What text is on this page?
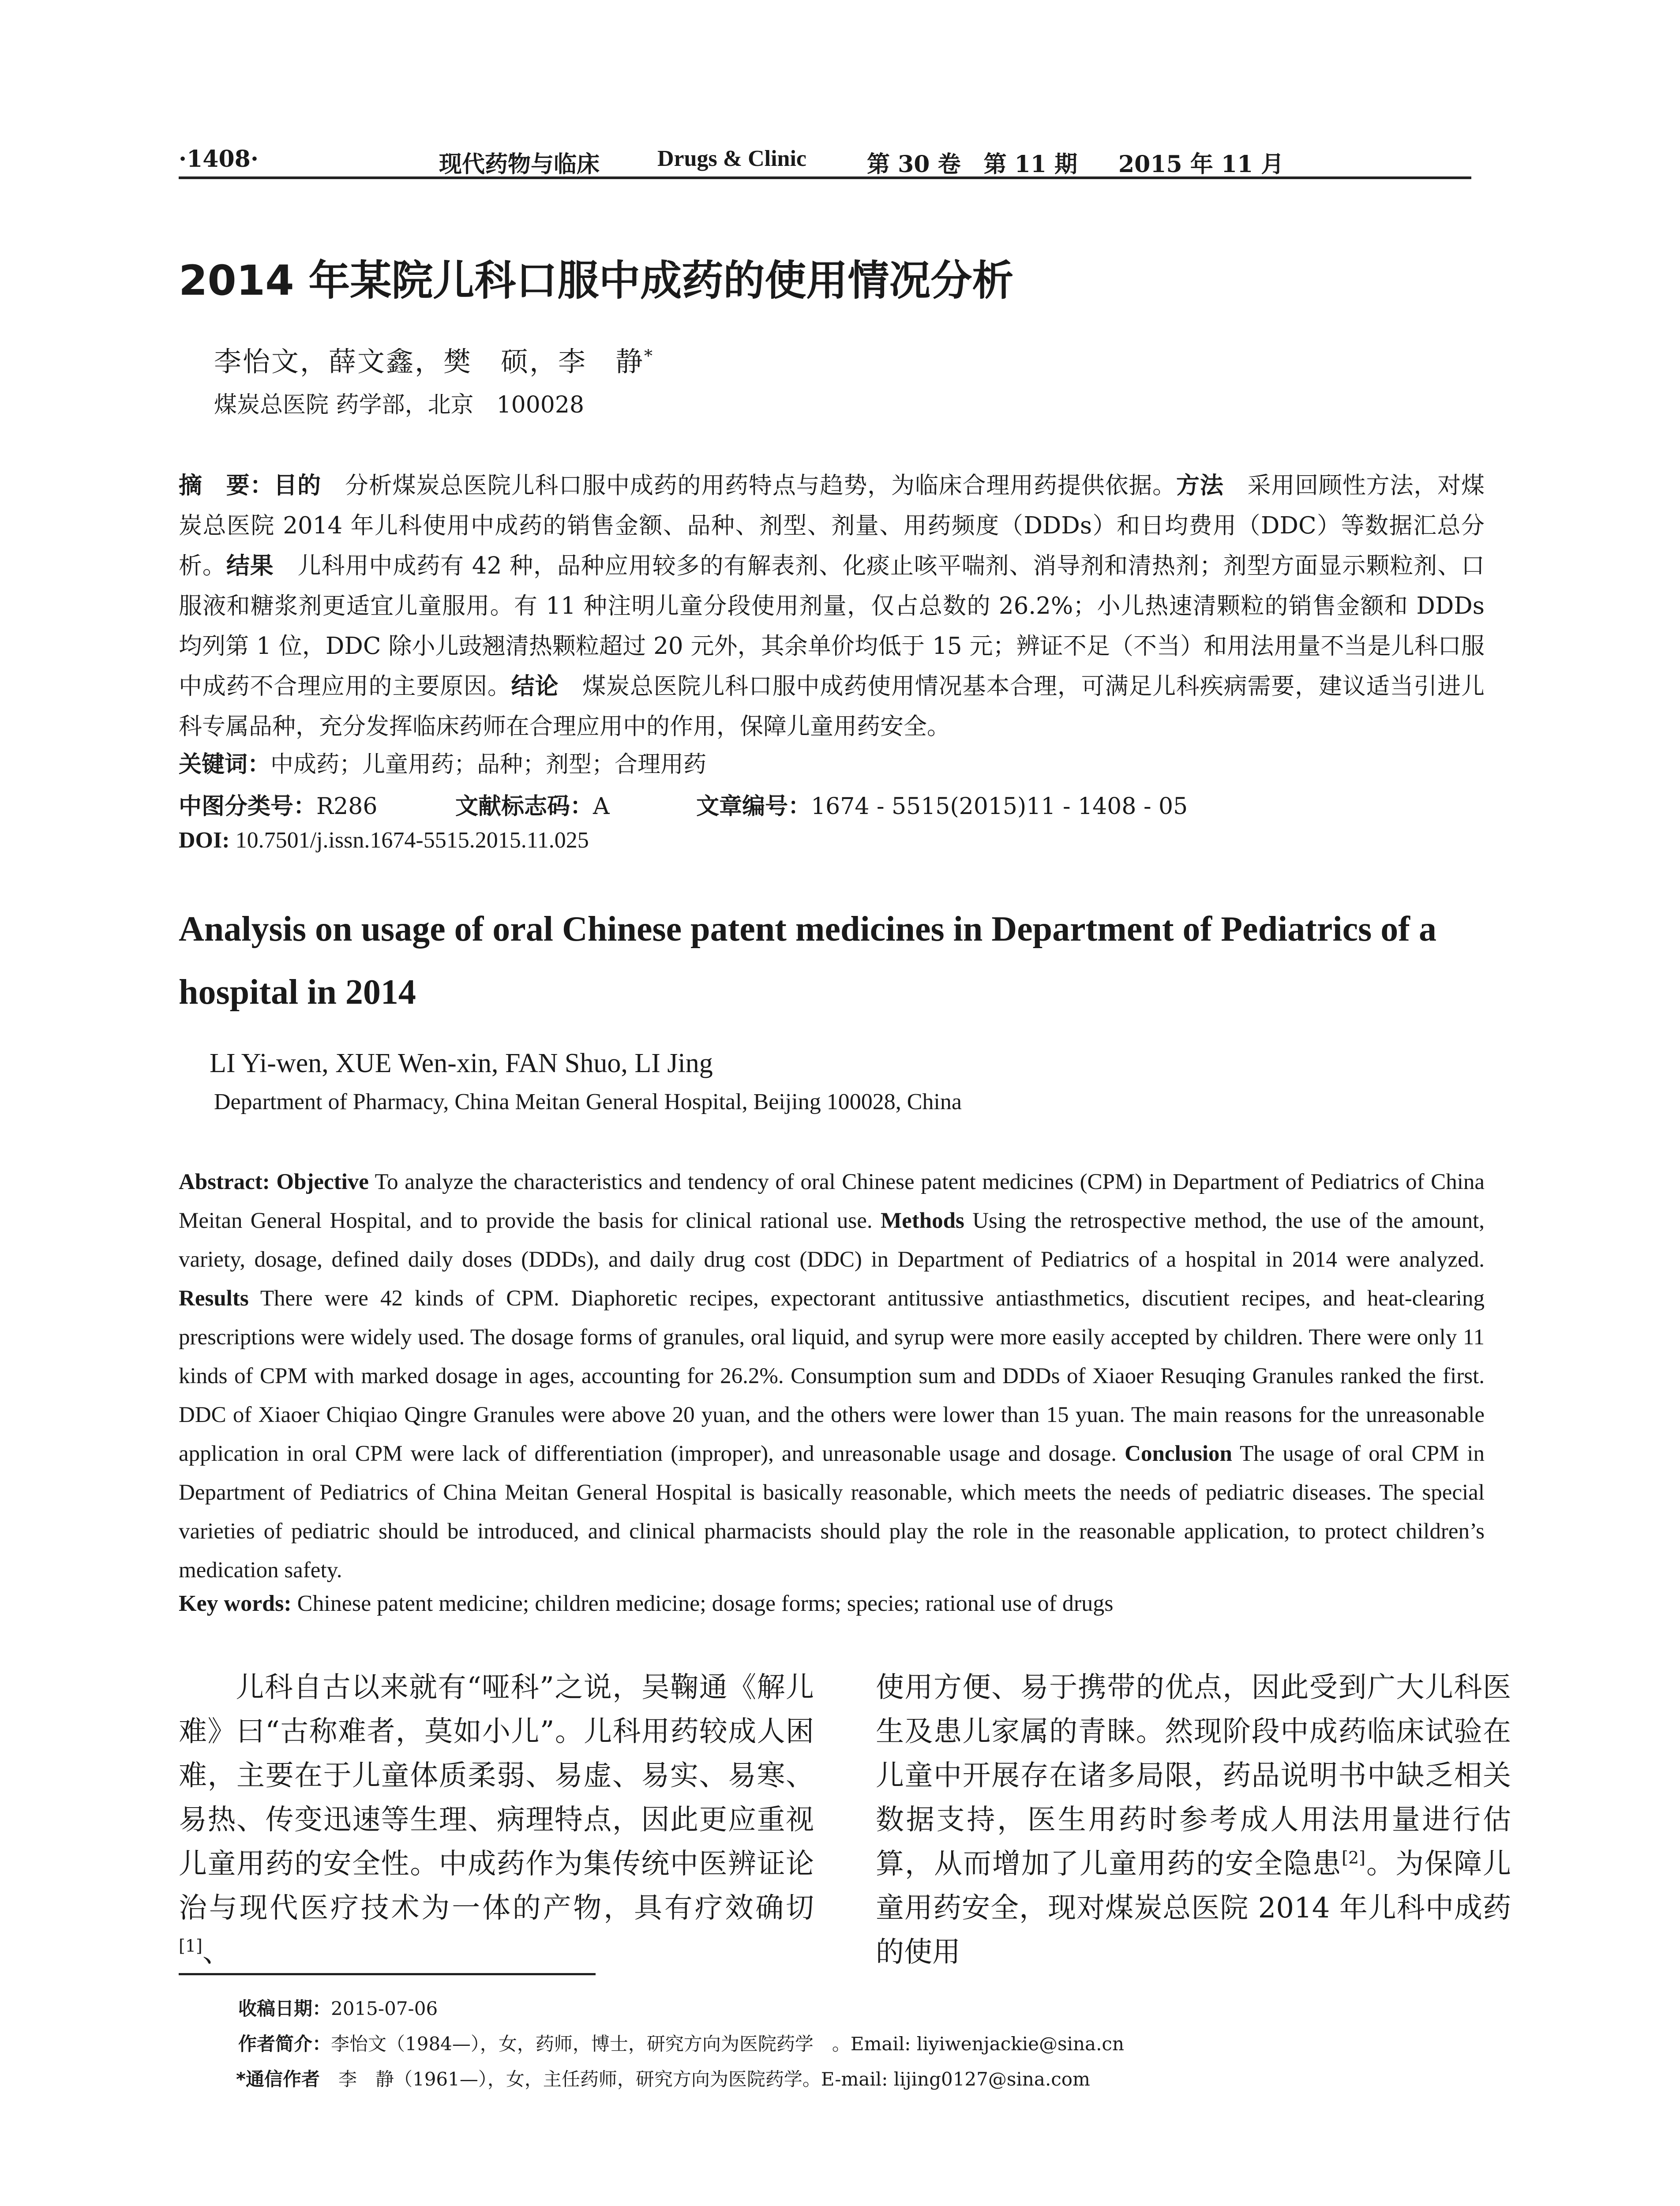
·1408·	现代药物与临床	Drugs & Clinic	第 30 卷　第 11 期 2015 年 11 月
2014 年某院儿科口服中成药的使用情况分析
李怡文，薛文鑫，樊　硕，李　静*
煤炭总医院 药学部，北京　100028
摘　要：目的　分析煤炭总医院儿科口服中成药的用药特点与趋势，为临床合理用药提供依据。方法　采用回顾性方法，对煤炭总医院 2014 年儿科使用中成药的销售金额、品种、剂型、剂量、用药频度（DDDs）和日均费用（DDC）等数据汇总分析。结果　儿科用中成药有 42 种，品种应用较多的有解表剂、化痰止咳平喘剂、消导剂和清热剂；剂型方面显示颗粒剂、口服液和糖浆剂更适宜儿童服用。有 11 种注明儿童分段使用剂量，仅占总数的 26.2%；小儿热速清颗粒的销售金额和 DDDs 均列第 1 位，DDC 除小儿豉翘清热颗粒超过 20 元外，其余单价均低于 15 元；辨证不足（不当）和用法用量不当是儿科口服中成药不合理应用的主要原因。结论　煤炭总医院儿科口服中成药使用情况基本合理，可满足儿科疾病需要，建议适当引进儿科专属品种，充分发挥临床药师在合理应用中的作用，保障儿童用药安全。
关键词：中成药；儿童用药；品种；剂型；合理用药
中图分类号：R286	文献标志码：A	文章编号：1674 - 5515(2015)11 - 1408 - 05
DOI: 10.7501/j.issn.1674-5515.2015.11.025
Analysis on usage of oral Chinese patent medicines in Department of Pediatrics of a hospital in 2014
LI Yi-wen, XUE Wen-xin, FAN Shuo, LI Jing
Department of Pharmacy, China Meitan General Hospital, Beijing 100028, China
Abstract: Objective To analyze the characteristics and tendency of oral Chinese patent medicines (CPM) in Department of Pediatrics of China Meitan General Hospital, and to provide the basis for clinical rational use. Methods Using the retrospective method, the use of the amount, variety, dosage, defined daily doses (DDDs), and daily drug cost (DDC) in Department of Pediatrics of a hospital in 2014 were analyzed. Results There were 42 kinds of CPM. Diaphoretic recipes, expectorant antitussive antiasthmetics, discutient recipes, and heat-clearing prescriptions were widely used. The dosage forms of granules, oral liquid, and syrup were more easily accepted by children. There were only 11 kinds of CPM with marked dosage in ages, accounting for 26.2%. Consumption sum and DDDs of Xiaoer Resuqing Granules ranked the first. DDC of Xiaoer Chiqiao Qingre Granules were above 20 yuan, and the others were lower than 15 yuan. The main reasons for the unreasonable application in oral CPM were lack of differentiation (improper), and unreasonable usage and dosage. Conclusion The usage of oral CPM in Department of Pediatrics of China Meitan General Hospital is basically reasonable, which meets the needs of pediatric diseases. The special varieties of pediatric should be introduced, and clinical pharmacists should play the role in the reasonable application, to protect children’s medication safety.
Key words: Chinese patent medicine; children medicine; dosage forms; species; rational use of drugs
儿科自古以来就有“哑科”之说，吴鞠通《解儿难》曰“古称难者，莫如小儿”。儿科用药较成人困难，主要在于儿童体质柔弱、易虚、易实、易寒、易热、传变迅速等生理、病理特点，因此更应重视儿童用药的安全性。中成药作为集传统中医辨证论治与现代医疗技术为一体的产物，具有疗效确切[1]、
使用方便、易于携带的优点，因此受到广大儿科医生及患儿家属的青睐。然现阶段中成药临床试验在儿童中开展存在诸多局限，药品说明书中缺乏相关数据支持，医生用药时参考成人用法用量进行估算，从而增加了儿童用药的安全隐患[2]。为保障儿童用药安全，现对煤炭总医院 2014 年儿科中成药的使用
收稿日期：2015-07-06
作者简介：李怡文（1984—），女，药师，博士，研究方向为医院药学　。Email: liyiwenjackie@sina.cn
*通信作者　李　静（1961—），女，主任药师，研究方向为医院药学。E-mail: lijing0127@sina.com
